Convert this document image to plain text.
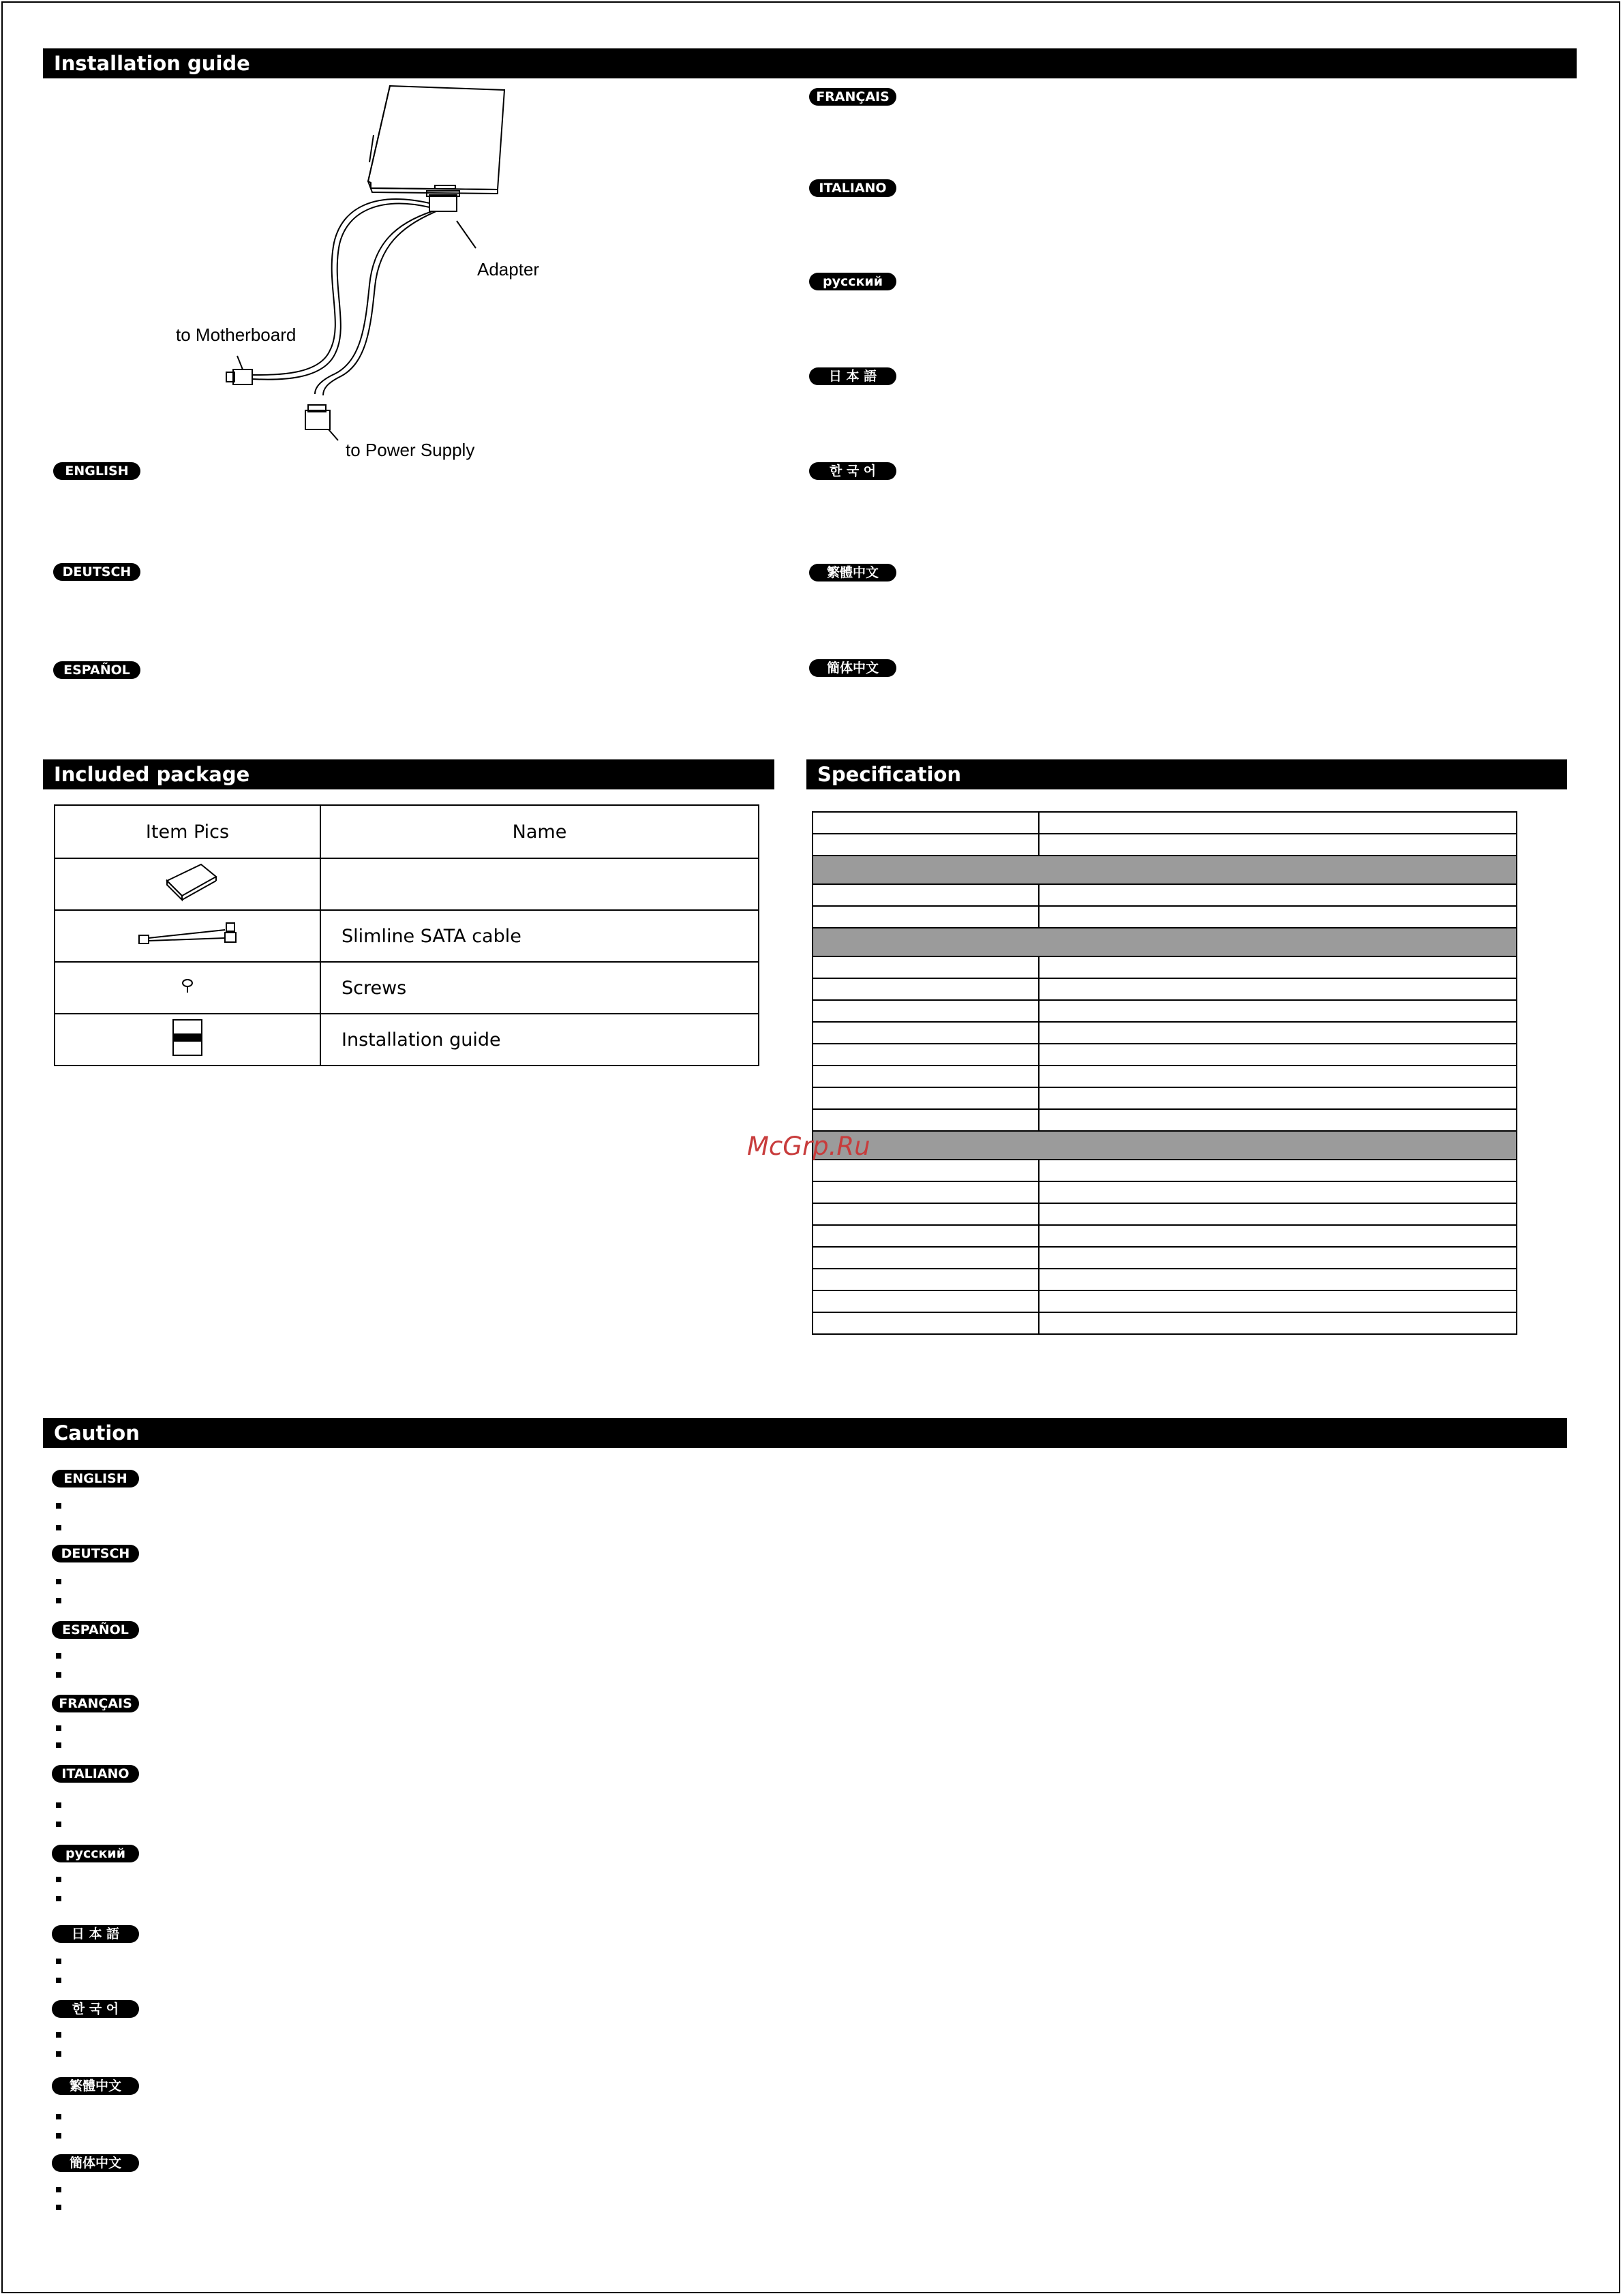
Installation guide
Adapter
to Motherboard
to Power Supply
ENGLISH
DEUTSCH
ESPAÑOL
FRANÇAIS
ITALIANO
русский
日 本 語
한 국 어
繁體中文
簡体中文
Included package
Item Pics	Name

	Slimline SATA cable
	Screws
	Installation guide
Specification

McGrp.Ru
Caution
ENGLISH
DEUTSCH
ESPAÑOL
FRANÇAIS
ITALIANO
русский
日 本 語
한 국 어
繁體中文
簡体中文
